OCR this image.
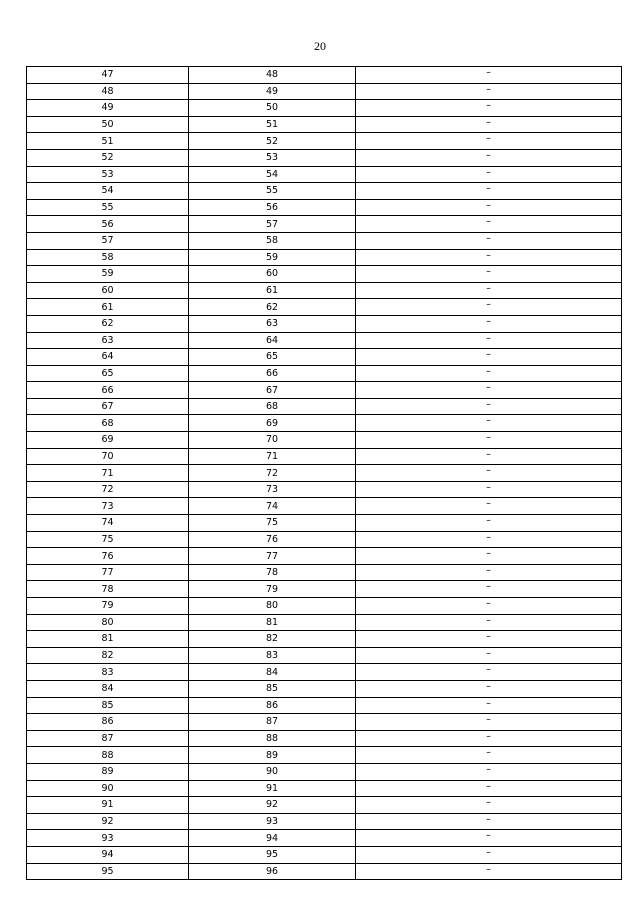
20
47	48	–
48	49	–
49	50	–
50	51	–
51	52	–
52	53	–
53	54	–
54	55	–
55	56	–
56	57	–
57	58	–
58	59	–
59	60	–
60	61	–
61	62	–
62	63	–
63	64	–
64	65	–
65	66	–
66	67	–
67	68	–
68	69	–
69	70	–
70	71	–
71	72	–
72	73	–
73	74	–
74	75	–
75	76	–
76	77	–
77	78	–
78	79	–
79	80	–
80	81	–
81	82	–
82	83	–
83	84	–
84	85	–
85	86	–
86	87	–
87	88	–
88	89	–
89	90	–
90	91	–
91	92	–
92	93	–
93	94	–
94	95	–
95	96	–
